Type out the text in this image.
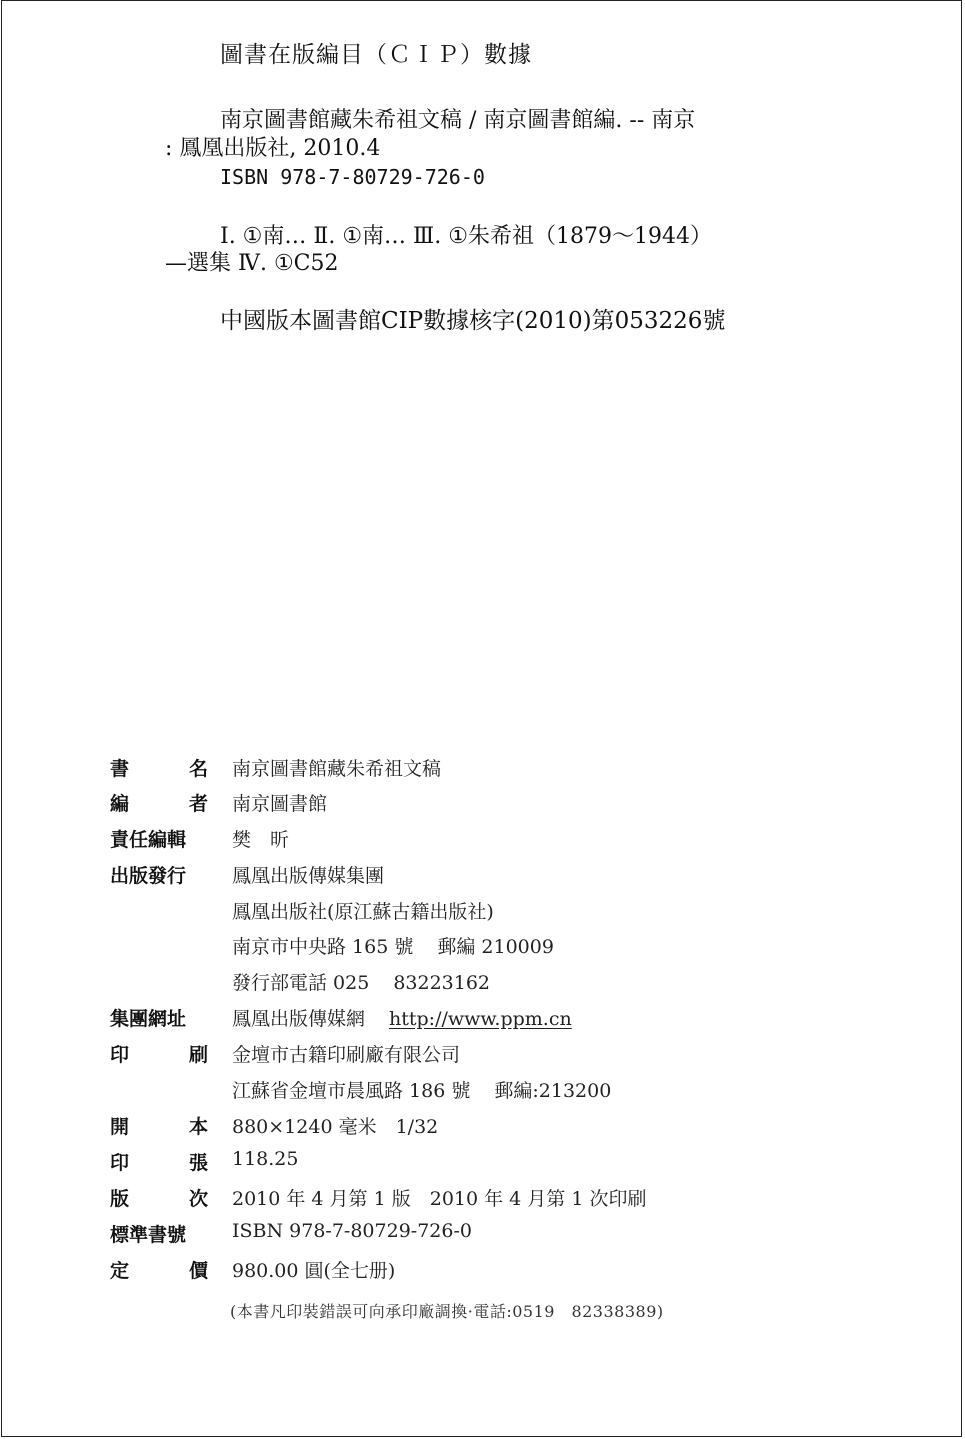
圖書在版編目（ＣＩＰ）數據
南京圖書館藏朱希祖文稿 / 南京圖書館編. -- 南京
: 鳳凰出版社, 2010.4
ISBN 978-7-80729-726-0
Ⅰ. ①南… Ⅱ. ①南… Ⅲ. ①朱希祖（1879～1944）
—選集 Ⅳ. ①C52
中國版本圖書館CIP數據核字(2010)第053226號
書	名 南京圖書館藏朱希祖文稿
編	者 南京圖書館
責任編輯 樊　昕
出版發行 鳳凰出版傳媒集團
鳳凰出版社(原江蘇古籍出版社)
南京市中央路 165 號 郵編 210009
發行部電話 025 83223162
集團網址 鳳凰出版傳媒網 http://www.ppm.cn
印	刷 金壇市古籍印刷廠有限公司
江蘇省金壇市晨風路 186 號 郵編:213200
開	本 880×1240 毫米　1/32
印	張 118.25
版	次 2010 年 4 月第 1 版　2010 年 4 月第 1 次印刷
標準書號 ISBN 978-7-80729-726-0
定	價 980.00 圓(全七册)
(本書凡印裝錯誤可向承印廠調換·電話:0519　82338389)
